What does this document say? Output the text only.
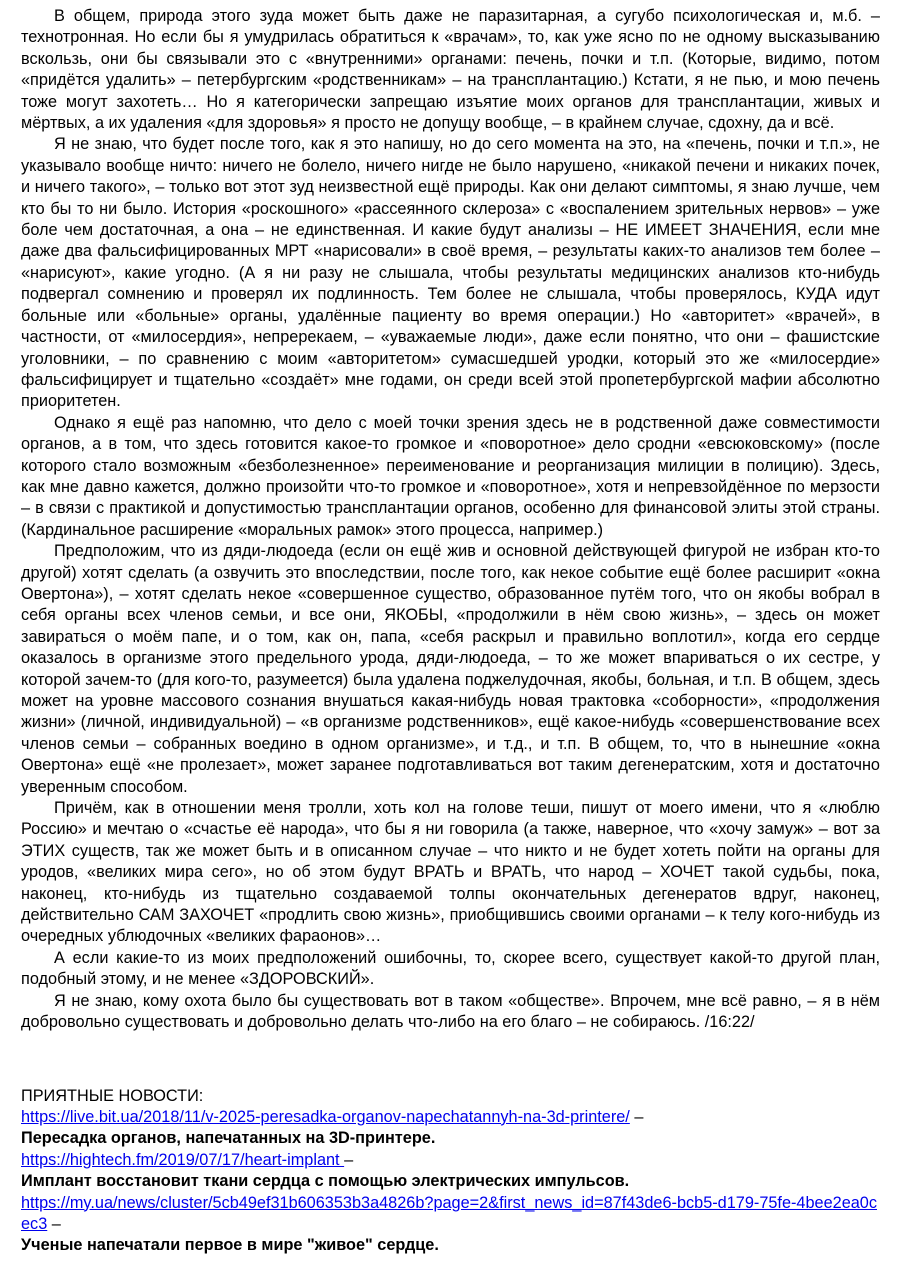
В общем, природа этого зуда может быть даже не паразитарная, а сугубо психологическая и, м.б. – технотронная. Но если бы я умудрилась обратиться к «врачам», то, как уже ясно по не одному высказыванию вскользь, они бы связывали это с «внутренними» органами: печень, почки и т.п. (Которые, видимо, потом «придётся удалить» – петербургским «родственникам» – на трансплантацию.) Кстати, я не пью, и мою печень тоже могут захотеть… Но я категорически запрещаю изъятие моих органов для трансплантации, живых и мёртвых, а их удаления «для здоровья» я просто не допущу вообще, – в крайнем случае, сдохну, да и всё.

Я не знаю, что будет после того, как я это напишу, но до сего момента на это, на «печень, почки и т.п.», не указывало вообще ничто: ничего не болело, ничего нигде не было нарушено, «никакой печени и никаких почек, и ничего такого», – только вот этот зуд неизвестной ещё природы. Как они делают симптомы, я знаю лучше, чем кто бы то ни было. История «роскошного» «рассеянного склероза» с «воспалением зрительных нервов» – уже боле чем достаточная, а она – не единственная. И какие будут анализы – НЕ ИМЕЕТ ЗНАЧЕНИЯ, если мне даже два фальсифицированных МРТ «нарисовали» в своё время, – результаты каких-то анализов тем более – «нарисуют», какие угодно. (А я ни разу не слышала, чтобы результаты медицинских анализов кто-нибудь подвергал сомнению и проверял их подлинность. Тем более не слышала, чтобы проверялось, КУДА идут больные или «больные» органы, удалённые пациенту во время операции.) Но «авторитет» «врачей», в частности, от «милосердия», непререкаем, – «уважаемые люди», даже если понятно, что они – фашистские уголовники, – по сравнению с моим «авторитетом» сумасшедшей уродки, который это же «милосердие» фальсифицирует и тщательно «создаёт» мне годами, он среди всей этой пропетербургской мафии абсолютно приоритетен.

Однако я ещё раз напомню, что дело с моей точки зрения здесь не в родственной даже совместимости органов, а в том, что здесь готовится какое-то громкое и «поворотное» дело сродни «евсюковскому» (после которого стало возможным «безболезненное» переименование и реорганизация милиции в полицию). Здесь, как мне давно кажется, должно произойти что-то громкое и «поворотное», хотя и непревзойдённое по мерзости – в связи с практикой и допустимостью трансплантации органов, особенно для финансовой элиты этой страны. (Кардинальное расширение «моральных рамок» этого процесса, например.)

Предположим, что из дяди-людоеда (если он ещё жив и основной действующей фигурой не избран кто-то другой) хотят сделать (а озвучить это впоследствии, после того, как некое событие ещё более расширит «окна Овертона»), – хотят сделать некое «совершенное существо, образованное путём того, что он якобы вобрал в себя органы всех членов семьи, и все они, ЯКОБЫ, «продолжили в нём свою жизнь», – здесь он может завираться о моём папе, и о том, как он, папа, «себя раскрыл и правильно воплотил», когда его сердце оказалось в организме этого предельного урода, дяди-людоеда, – то же может впариваться о их сестре, у которой зачем-то (для кого-то, разумеется) была удалена поджелудочная, якобы, больная, и т.п. В общем, здесь может на уровне массового сознания внушаться какая-нибудь новая трактовка «соборности», «продолжения жизни» (личной, индивидуальной) – «в организме родственников», ещё какое-нибудь «совершенствование всех членов семьи – собранных воедино в одном организме», и т.д., и т.п. В общем, то, что в нынешние «окна Овертона» ещё «не пролезает», может заранее подготавливаться вот таким дегенератским, хотя и достаточно уверенным способом.

Причём, как в отношении меня тролли, хоть кол на голове теши, пишут от моего имени, что я «люблю Россию» и мечтаю о «счастье её народа», что бы я ни говорила (а также, наверное, что «хочу замуж» – вот за ЭТИХ существ, так же может быть и в описанном случае – что никто и не будет хотеть пойти на органы для уродов, «великих мира сего», но об этом будут ВРАТЬ и ВРАТЬ, что народ – ХОЧЕТ такой судьбы, пока, наконец, кто-нибудь из тщательно создаваемой толпы окончательных дегенератов вдруг, наконец, действительно САМ ЗАХОЧЕТ «продлить свою жизнь», приобщившись своими органами – к телу кого-нибудь из очередных ублюдочных «великих фараонов»…

А если какие-то из моих предположений ошибочны, то, скорее всего, существует какой-то другой план, подобный этому, и не менее «ЗДОРОВСКИЙ».

Я не знаю, кому охота было бы существовать вот в таком «обществе». Впрочем, мне всё равно, – я в нём добровольно существовать и добровольно делать что-либо на его благо – не собираюсь. /16:22/

ПРИЯТНЫЕ НОВОСТИ:

https://live.bit.ua/2018/11/v-2025-peresadka-organov-napechatannyh-na-3d-printere/ –

Пересадка органов, напечатанных на 3D-принтере.

https://hightech.fm/2019/07/17/heart-implant –

Имплант восстановит ткани сердца с помощью электрических импульсов.

https://my.ua/news/cluster/5cb49ef31b606353b3a4826b?page=2&first_news_id=87f43de6-bcb5-d179-75fe-4bee2ea0cec3 –

Ученые напечатали первое в мире "живое" сердце.
